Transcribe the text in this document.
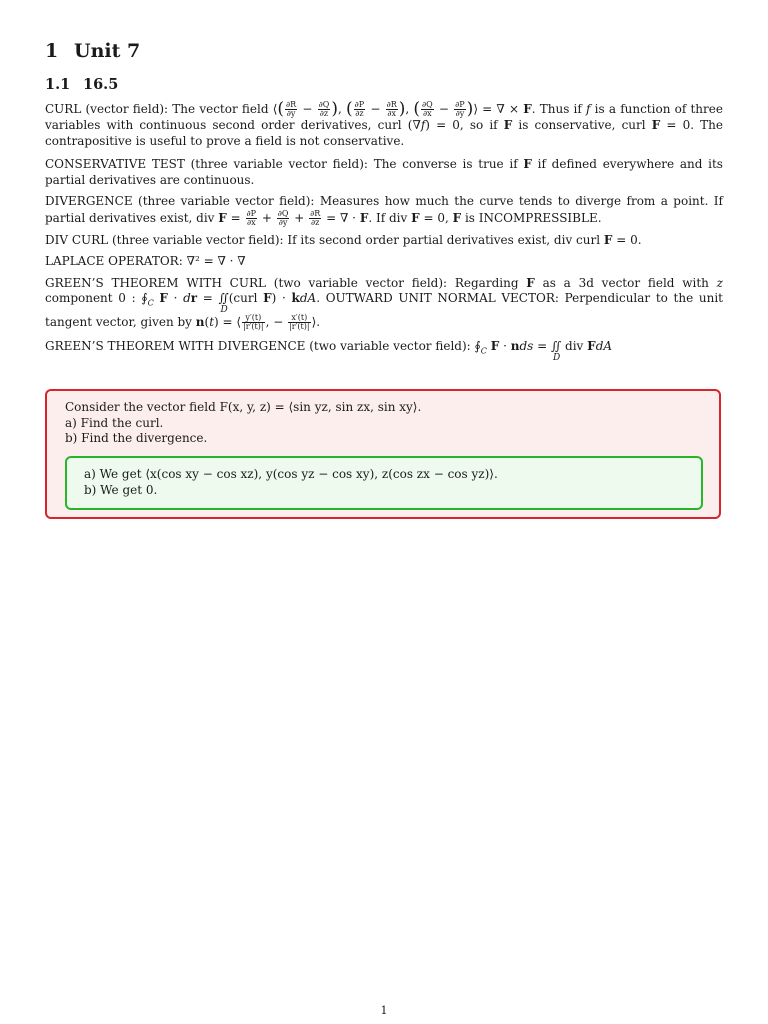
1 Unit 7
1.1 16.5

CURL (vector field): The vector field ⟨( $\frac{\partial R}{\partial y} - \frac{\partial Q}{\partial z}$ ), ( $\frac{\partial P}{\partial z} - \frac{\partial R}{\partial x}$ ), ( $\frac{\partial Q}{\partial x} - \frac{\partial P}{\partial y}$ )⟩ = ∇ × F. Thus if f is a function of three variables with continuous second order derivatives, curl (∇f) = 0, so if F is conservative, curl F = 0. The contrapositive is useful to prove a field is not conservative.

CONSERVATIVE TEST (three variable vector field): The converse is true if F if defined everywhere and its partial derivatives are continuous.

DIVERGENCE (three variable vector field): Measures how much the curve tends to diverge from a point. If partial derivatives exist, div $F = \frac{\partial P}{\partial x} + \frac{\partial Q}{\partial y} + \frac{\partial R}{\partial z}$ = ∇ · F. If div F = 0, F is INCOMPRESSIBLE.

DIV CURL (three variable vector field): If its second order partial derivatives exist, div curl F = 0.

LAPLACE OPERATOR: ∇² = ∇ · ∇

GREEN’S THEOREM WITH CURL (two variable vector field): Regarding F as a 3d vector field with z component 0 : $∮_C$ F · dr = ∬
D
(curl F) · kdA. OUTWARD UNIT NORMAL VECTOR: Perpendicular to the unit tangent vector, given by n(t) = ⟨ $\frac{y'(t)}{|r'(t)|}$ , − $\frac{x'(t)}{|r'(t)|}$ ⟩.

GREEN’S THEOREM WITH DIVERGENCE (two variable vector field): $∮_C$ F · nds = ∬
D
div FdA

Consider the vector field F(x, y, z) = ⟨sin yz, sin zx, sin xy⟩.
a) Find the curl.
b) Find the divergence.
a) We get ⟨x(cos xy − cos xz), y(cos yz − cos xy), z(cos zx − cos yz)⟩.
b) We get 0.
1
